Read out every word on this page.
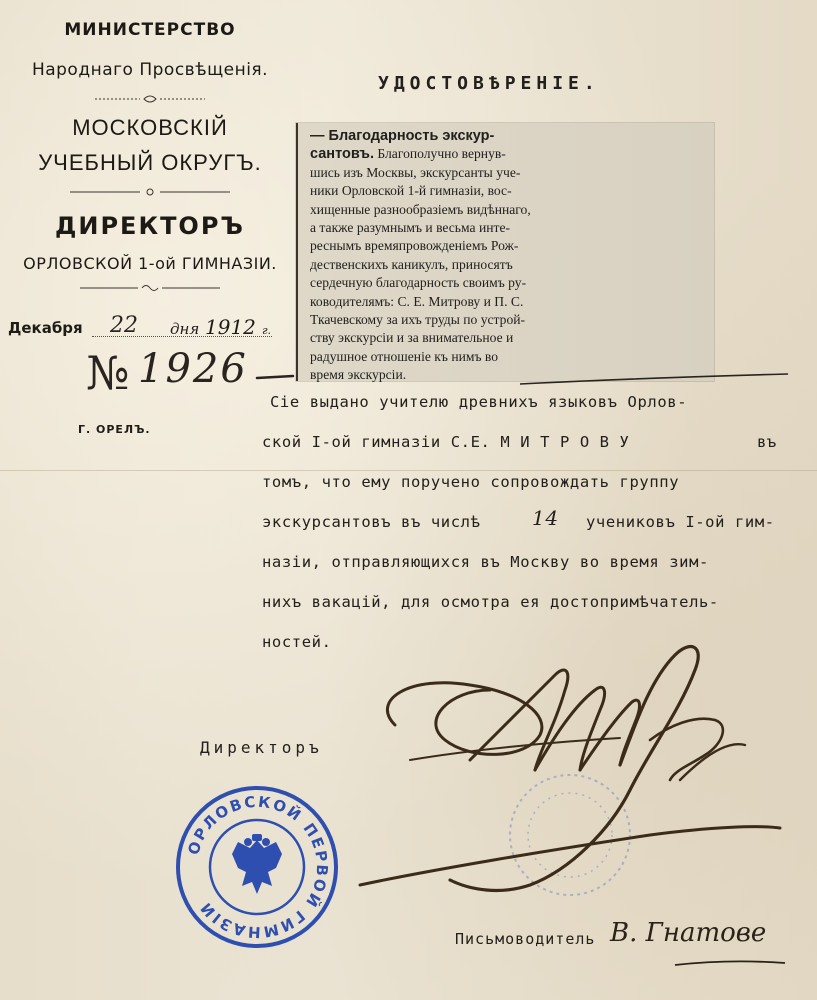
МИНИСТЕРСТВО
Народнаго Просвѣщенія.
МОСКОВСКІЙ
УЧЕБНЫЙ ОКРУГЪ.
ДИРЕКТОРЪ
ОРЛОВСКОЙ 1-ой ГИМНАЗІИ.
Декабря 22 дня 1912 г.
№ 1926
Г. ОРЕЛЪ.
УДОСТОВѢРЕНІЕ.
— Благодарность экскур-
сантовъ. Благополучно вернув-
шись изъ Москвы, экскурсанты уче-
ники Орловской 1-й гимназіи, вос-
хищенные разнообразіемъ видѣннаго,
а также разумнымъ и весьма инте-
реснымъ времяпровожденіемъ Рож-
дественскихъ каникулъ, приносятъ
сердечную благодарность своимъ ру-
ководителямъ: С. Е. Митрову и П. С.
Ткачевскому за ихъ труды по устрой-
ству экскурсіи и за внимательное и
радушное отношеніе къ нимъ во
время экскурсіи.
Сіе выдано учителю древнихъ языковъ Орлов-
ской I-ой гимназіи С.Е. М И Т Р О В У	въ
томъ, что ему поручено сопровождать группу
экскурсантовъ въ числѣ	14 учениковъ I-ой гим-
назіи, отправляющихся въ Москву во время зим-
нихъ вакацій, для осмотра ея достопримѣчатель-
ностей.
Директоръ
ОРЛОВСКОЙ ПЕРВОЙ ГИМНАЗІИ
Письмоводитель В. Гнатове
